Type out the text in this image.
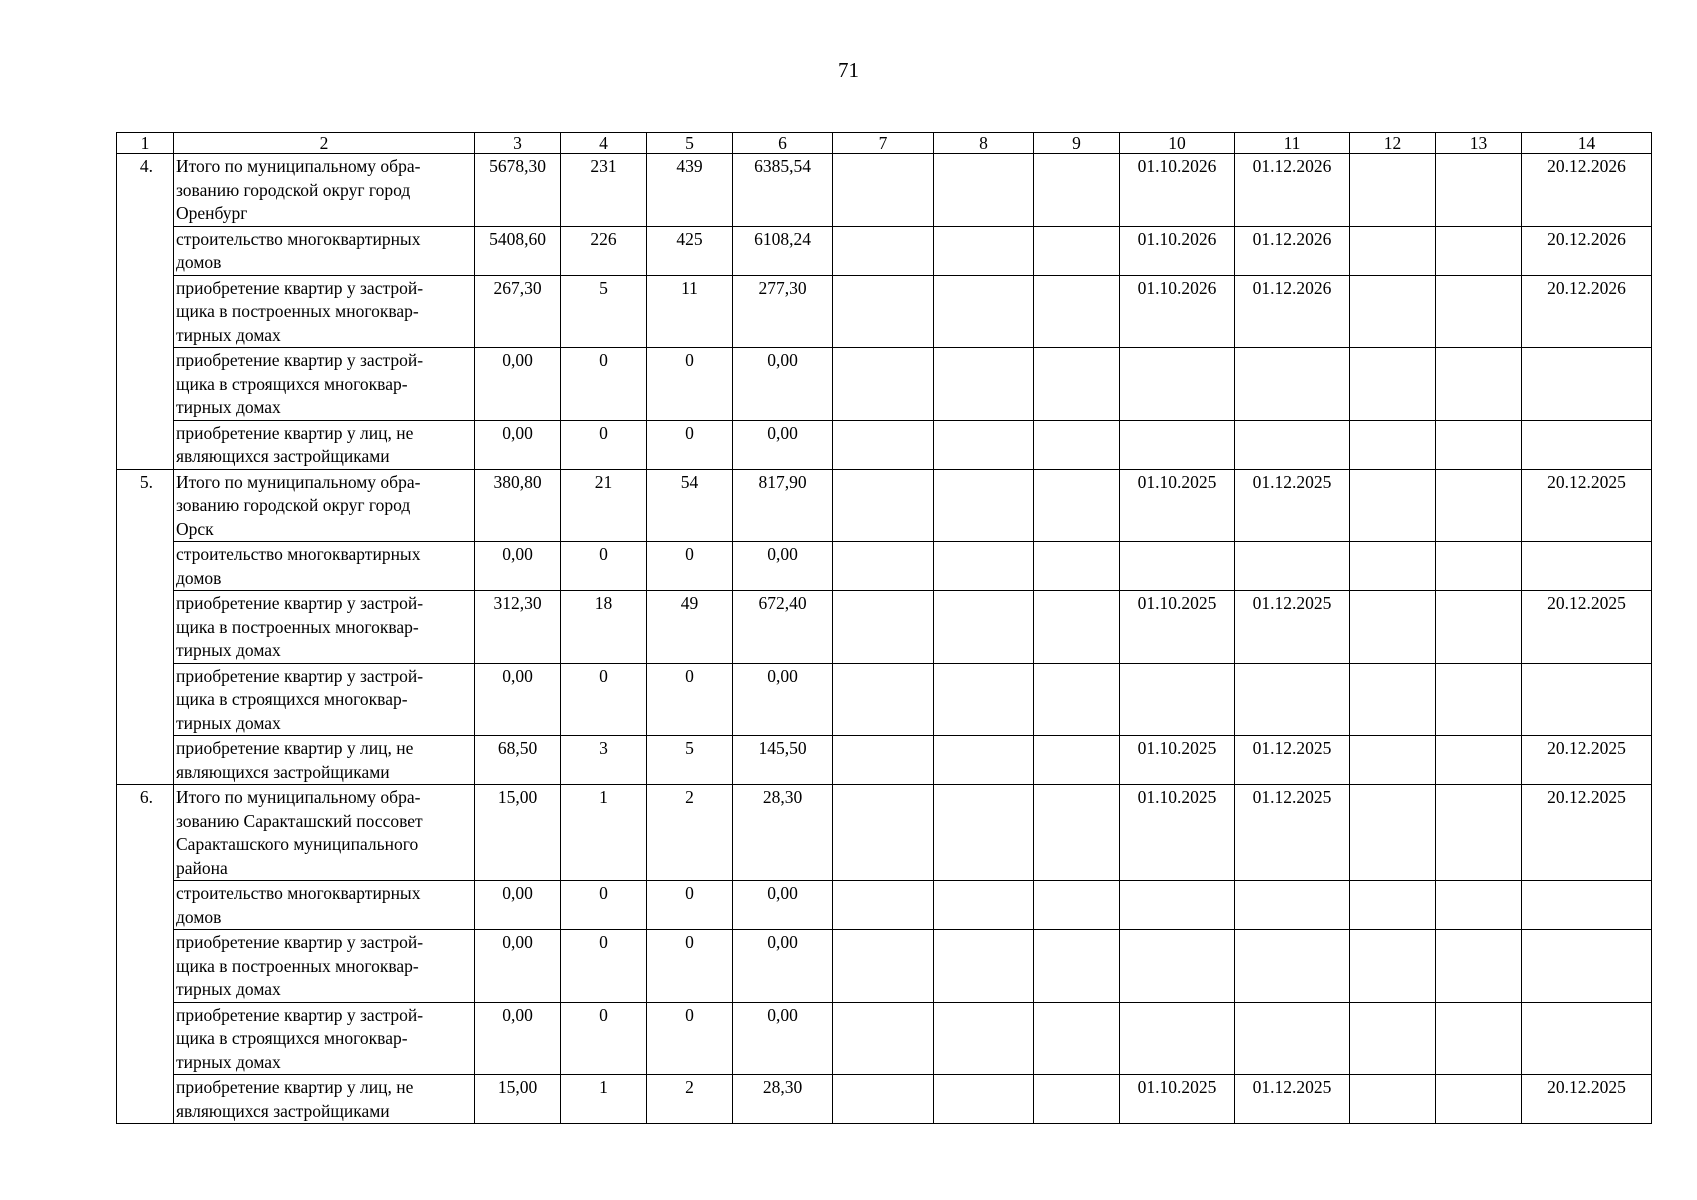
71
1	2	3	4	5	6	7	8	9	10	11	12	13	14
4.	Итого по муниципальному обра-
зованию городской округ город
Оренбург	5678,30	231	439	6385,54				01.10.2026	01.12.2026			20.12.2026

	строительство многоквартирных
домов	5408,60	226	425	6108,24				01.10.2026	01.12.2026			20.12.2026

	приобретение квартир у застрой-
щика в построенных многоквар-
тирных домах	267,30	5	11	277,30				01.10.2026	01.12.2026			20.12.2026

	приобретение квартир у застрой-
щика в строящихся многоквар-
тирных домах	0,00	0	0	0,00								

	приобретение квартир у лиц, не
являющихся застройщиками	0,00	0	0	0,00								
5.	Итого по муниципальному обра-
зованию городской округ город
Орск	380,80	21	54	817,90				01.10.2025	01.12.2025			20.12.2025

	строительство многоквартирных
домов	0,00	0	0	0,00								

	приобретение квартир у застрой-
щика в построенных многоквар-
тирных домах	312,30	18	49	672,40				01.10.2025	01.12.2025			20.12.2025

	приобретение квартир у застрой-
щика в строящихся многоквар-
тирных домах	0,00	0	0	0,00								

	приобретение квартир у лиц, не
являющихся застройщиками	68,50	3	5	145,50				01.10.2025	01.12.2025			20.12.2025
6.	Итого по муниципальному обра-
зованию Саракташский поссовет
Саракташского муниципального
района	15,00	1	2	28,30				01.10.2025	01.12.2025			20.12.2025

	строительство многоквартирных
домов	0,00	0	0	0,00								

	приобретение квартир у застрой-
щика в построенных многоквар-
тирных домах	0,00	0	0	0,00								

	приобретение квартир у застрой-
щика в строящихся многоквар-
тирных домах	0,00	0	0	0,00								

	приобретение квартир у лиц, не
являющихся застройщиками	15,00	1	2	28,30				01.10.2025	01.12.2025			20.12.2025
